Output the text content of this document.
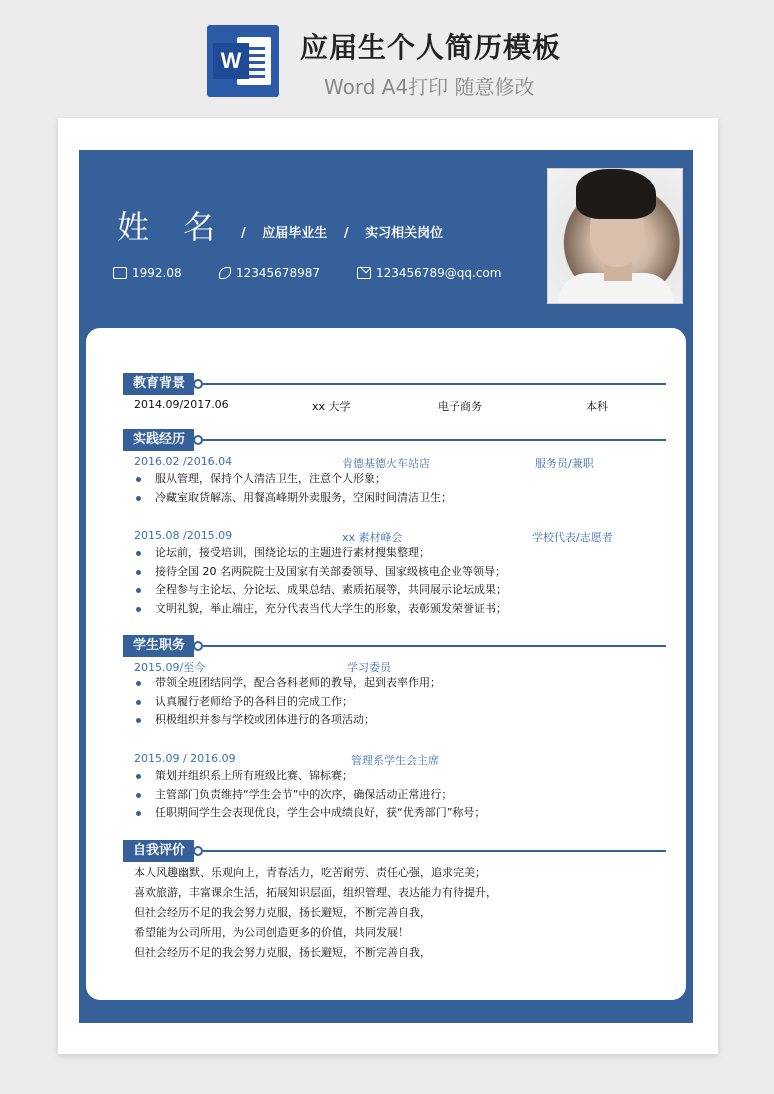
W 应届生个人简历模板
Word A4打印 随意修改
姓 名	/ 应届毕业生 / 实习相关岗位
1992.08	12345678987	123456789@qq.com
教育背景
2014.09/2017.06	xx 大学	电子商务	本科
实践经历
2016.02 /2016.04	肯德基德火车站店	服务员/兼职
服从管理，保持个人清洁卫生，注意个人形象；
冷藏室取货解冻、用餐高峰期外卖服务，空闲时间清洁卫生；
2015.08 /2015.09	xx 素材峰会	学校代表/志愿者
论坛前，接受培训，围绕论坛的主题进行素材搜集整理；
接待全国 20 名两院院士及国家有关部委领导、国家级核电企业等领导；
全程参与主论坛、分论坛、成果总结、素质拓展等，共同展示论坛成果；
文明礼貌，举止端庄，充分代表当代大学生的形象，表彰颁发荣誉证书；
学生职务
2015.09/至今	学习委员
带领全班团结同学，配合各科老师的教导，起到表率作用；
认真履行老师给予的各科目的完成工作；
积极组织并参与学校或团体进行的各项活动；
2015.09 / 2016.09	管理系学生会主席
策划并组织系上所有班级比赛、锦标赛；
主管部门负责维持“学生会节”中的次序，确保活动正常进行；
任职期间学生会表现优良，学生会中成绩良好，获“优秀部门”称号；
自我评价
本人风趣幽默、乐观向上，青春活力，吃苦耐劳、责任心强，追求完美；
喜欢旅游，丰富课余生活，拓展知识层面，组织管理、表达能力有待提升，
但社会经历不足的我会努力克服，扬长避短，不断完善自我，
希望能为公司所用，为公司创造更多的价值，共同发展！
但社会经历不足的我会努力克服，扬长避短，不断完善自我，
